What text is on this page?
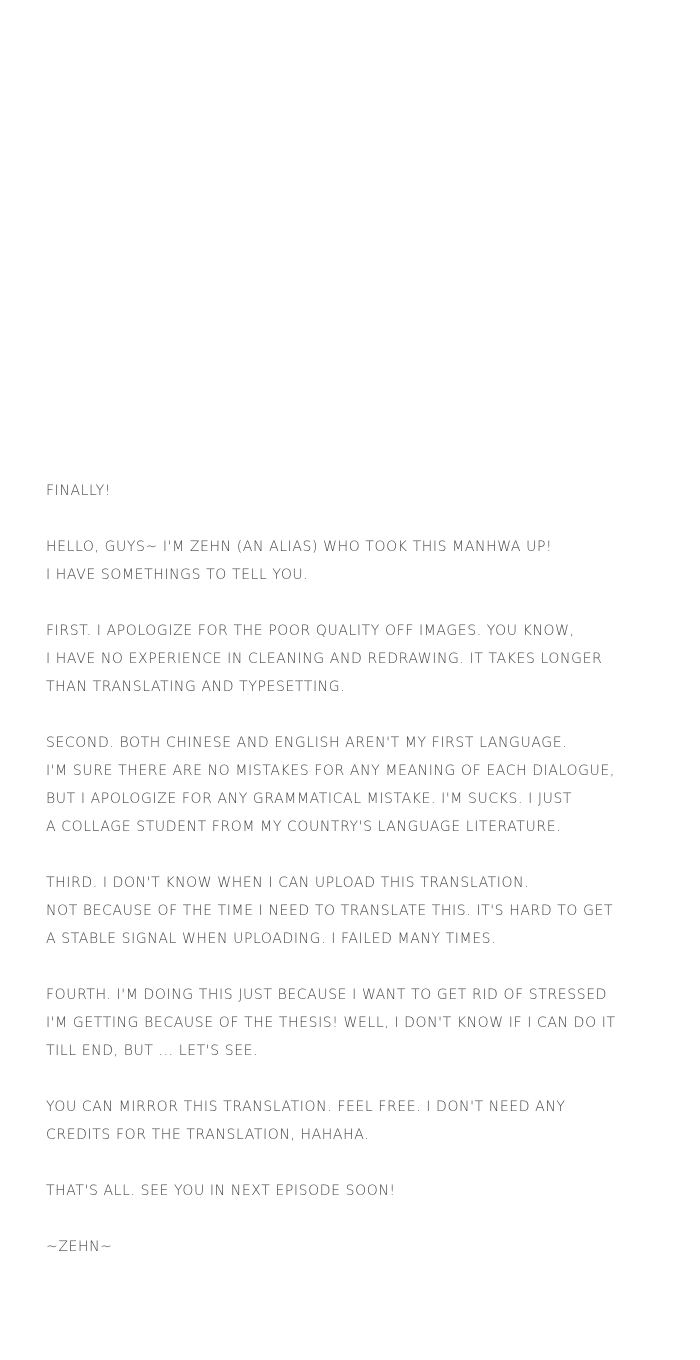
FINALLY!
HELLO, GUYS~ I'M ZEHN (AN ALIAS) WHO TOOK THIS MANHWA UP!
I HAVE SOMETHINGS TO TELL YOU.
FIRST. I APOLOGIZE FOR THE POOR QUALITY OFF IMAGES. YOU KNOW,
I HAVE NO EXPERIENCE IN CLEANING AND REDRAWING. IT TAKES LONGER
THAN TRANSLATING AND TYPESETTING.
SECOND. BOTH CHINESE AND ENGLISH AREN'T MY FIRST LANGUAGE.
I'M SURE THERE ARE NO MISTAKES FOR ANY MEANING OF EACH DIALOGUE,
BUT I APOLOGIZE FOR ANY GRAMMATICAL MISTAKE. I'M SUCKS. I JUST
A COLLAGE STUDENT FROM MY COUNTRY'S LANGUAGE LITERATURE.
THIRD. I DON'T KNOW WHEN I CAN UPLOAD THIS TRANSLATION.
NOT BECAUSE OF THE TIME I NEED TO TRANSLATE THIS. IT'S HARD TO GET
A STABLE SIGNAL WHEN UPLOADING. I FAILED MANY TIMES.
FOURTH. I'M DOING THIS JUST BECAUSE I WANT TO GET RID OF STRESSED
I'M GETTING BECAUSE OF THE THESIS! WELL, I DON'T KNOW IF I CAN DO IT
TILL END, BUT ... LET'S SEE.
YOU CAN MIRROR THIS TRANSLATION. FEEL FREE. I DON'T NEED ANY
CREDITS FOR THE TRANSLATION, HAHAHA.
THAT'S ALL. SEE YOU IN NEXT EPISODE SOON!
~ZEHN~
